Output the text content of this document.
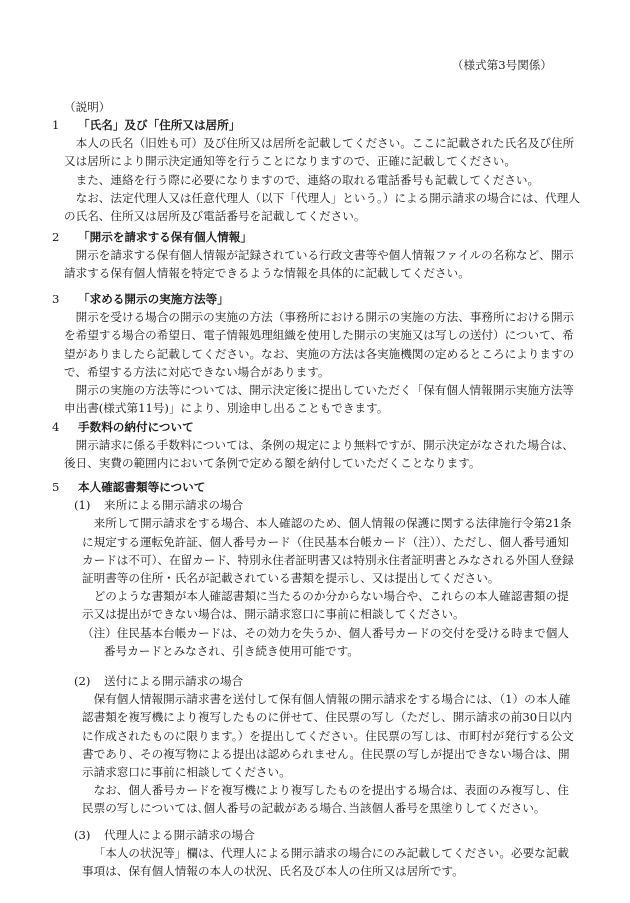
（様式第3号関係）
（説明）
1	「氏名」及び「住所又は居所」

本人の氏名（旧姓も可）及び住所又は居所を記載してください。ここに記載された氏名及び住所又は居所により開示決定通知等を行うことになりますので、正確に記載してください。

また、連絡を行う際に必要になりますので、連絡の取れる電話番号も記載してください。

なお、法定代理人又は任意代理人（以下「代理人」という。）による開示請求の場合には、代理人の氏名、住所又は居所及び電話番号を記載してください。

2	「開示を請求する保有個人情報」

開示を請求する保有個人情報が記録されている行政文書等や個人情報ファイルの名称など、開示請求する保有個人情報を特定できるような情報を具体的に記載してください。

3	「求める開示の実施方法等」

開示を受ける場合の開示の実施の方法（事務所における開示の実施の方法、事務所における開示を希望する場合の希望日、電子情報処理組織を使用した開示の実施又は写しの送付）について、希望がありましたら記載してください。なお、実施の方法は各実施機関の定めるところによりますので、希望する方法に対応できない場合があります。

開示の実施の方法等については、開示決定後に提出していただく「保有個人情報開示実施方法等申出書(様式第11号)」により、別途申し出ることもできます。

4	手数料の納付について

開示請求に係る手数料については、条例の規定により無料ですが、開示決定がなされた場合は、後日、実費の範囲内において条例で定める額を納付していただくことなります。

5	本人確認書類等について
(1)	来所による開示請求の場合

来所して開示請求をする場合、本人確認のため、個人情報の保護に関する法律施行令第21条に規定する運転免許証、個人番号カード（住民基本台帳カード（注））、ただし、個人番号通知カードは不可）、在留カード、特別永住者証明書又は特別永住者証明書とみなされる外国人登録証明書等の住所・氏名が記載されている書類を提示し、又は提出してください。

どのような書類が本人確認書類に当たるのか分からない場合や、これらの本人確認書類の提示又は提出ができない場合は、開示請求窓口に事前に相談してください。

（注）住民基本台帳カードは、その効力を失うか、個人番号カードの交付を受ける時まで個人番号カードとみなされ、引き続き使用可能です。

(2)	送付による開示請求の場合

保有個人情報開示請求書を送付して保有個人情報の開示請求をする場合には、（1）の本人確認書類を複写機により複写したものに併せて、住民票の写し（ただし、開示請求の前30日以内に作成されたものに限ります。）を提出してください。住民票の写しは、市町村が発行する公文書であり、その複写物による提出は認められません。住民票の写しが提出できない場合は、開示請求窓口に事前に相談してください。

なお、個人番号カードを複写機により複写したものを提出する場合は、表面のみ複写し、住民票の写しについては､個人番号の記載がある場合､当該個人番号を黒塗りしてください。

(3)	代理人による開示請求の場合

「本人の状況等」欄は、代理人による開示請求の場合にのみ記載してください。必要な記載事項は、保有個人情報の本人の状況、氏名及び本人の住所又は居所です。
